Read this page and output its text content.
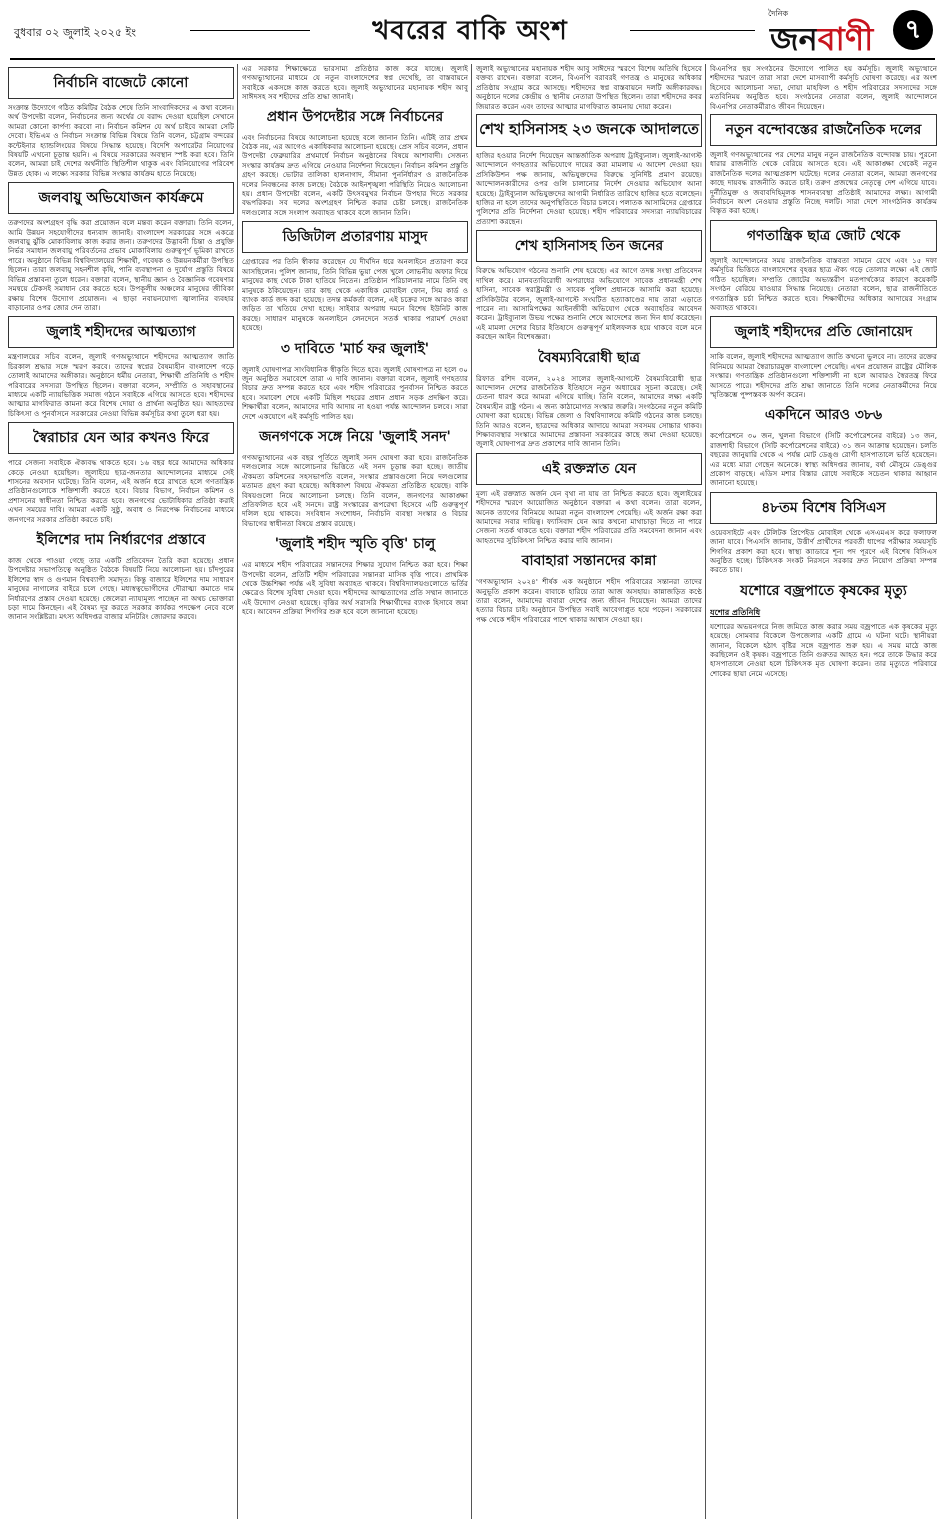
বুধবার ০২ জুলাই ২০২৫ ইং	খবরের বাকি অংশ
দৈনিক
জনবাণী	৭
নির্বাচনি বাজেটে কোনো

সংক্রান্ত উদ্যোগে গঠিত কমিটির বৈঠক শেষে তিনি সাংবাদিকদের এ কথা বলেন। অর্থ উপদেষ্টা বলেন, নির্বাচনের জন্য অর্থের যে বরাদ্দ দেওয়া হয়েছিল সেখানে আমরা কোনো কার্পণ্য করবো না। নির্বাচন কমিশন যে অর্থ চাইবে আমরা সেটি দেবো। ইভিএম ও নির্বাচন সংক্রান্ত বিভিন্ন বিষয়ে তিনি বলেন, চট্টগ্রাম বন্দরের কন্টেইনার হ্যান্ডলিংয়ের বিষয়ে সিদ্ধান্ত হয়েছে। বিদেশি অপারেটর নিয়োগের বিষয়টি এখনো চূড়ান্ত হয়নি। এ বিষয়ে সরকারের অবস্থান স্পষ্ট করা হবে। তিনি বলেন, আমরা চাই দেশের অর্থনীতি স্থিতিশীল থাকুক এবং বিনিয়োগের পরিবেশ উন্নত হোক। এ লক্ষ্যে সরকার বিভিন্ন সংস্কার কার্যক্রম হাতে নিয়েছে।

জলবায়ু অভিযোজন কার্যক্রমে

তরুণদের অংশগ্রহণ বৃদ্ধি করা প্রয়োজন বলে মন্তব্য করেন বক্তারা। তিনি বলেন, আমি উন্নয়ন সহযোগীদের ধন্যবাদ জানাই। বাংলাদেশ সরকারের সঙ্গে একত্রে জলবায়ু ঝুঁকি মোকাবিলায় কাজ করার জন্য। তরুণদের উদ্ভাবনী চিন্তা ও প্রযুক্তি নির্ভর সমাধান জলবায়ু পরিবর্তনের প্রভাব মোকাবিলায় গুরুত্বপূর্ণ ভূমিকা রাখতে পারে। অনুষ্ঠানে বিভিন্ন বিশ্ববিদ্যালয়ের শিক্ষার্থী, গবেষক ও উন্নয়নকর্মীরা উপস্থিত ছিলেন। তারা জলবায়ু সহনশীল কৃষি, পানি ব্যবস্থাপনা ও দুর্যোগ প্রস্তুতি বিষয়ে বিভিন্ন প্রস্তাবনা তুলে ধরেন। বক্তারা বলেন, স্থানীয় জ্ঞান ও বৈজ্ঞানিক গবেষণার সমন্বয়ে টেকসই সমাধান বের করতে হবে। উপকূলীয় অঞ্চলের মানুষের জীবিকা রক্ষায় বিশেষ উদ্যোগ প্রয়োজন। এ ছাড়া নবায়নযোগ্য জ্বালানির ব্যবহার বাড়ানোর ওপর জোর দেন তারা।

জুলাই শহীদদের আত্মত্যাগ

মন্ত্রণালয়ের সচিব বলেন, জুলাই গণঅভ্যুত্থানে শহীদদের আত্মত্যাগ জাতি চিরকাল শ্রদ্ধার সঙ্গে স্মরণ করবে। তাদের স্বপ্নের বৈষম্যহীন বাংলাদেশ গড়ে তোলাই আমাদের অঙ্গীকার। অনুষ্ঠানে ধর্মীয় নেতারা, শিক্ষার্থী প্রতিনিধি ও শহীদ পরিবারের সদস্যরা উপস্থিত ছিলেন। বক্তারা বলেন, সম্প্রীতি ও সহাবস্থানের মাধ্যমে একটি ন্যায়ভিত্তিক সমাজ গঠনে সবাইকে এগিয়ে আসতে হবে। শহীদদের আত্মার মাগফিরাত কামনা করে বিশেষ দোয়া ও প্রার্থনা অনুষ্ঠিত হয়। আহতদের চিকিৎসা ও পুনর্বাসনে সরকারের নেওয়া বিভিন্ন কর্মসূচির কথা তুলে ধরা হয়।

স্বৈরাচার যেন আর কখনও ফিরে

পারে সেজন্য সবাইকে ঐক্যবদ্ধ থাকতে হবে। ১৬ বছর ধরে আমাদের অধিকার কেড়ে নেওয়া হয়েছিল। জুলাইয়ে ছাত্র-জনতার আন্দোলনের মাধ্যমে সেই শাসনের অবসান ঘটেছে। তিনি বলেন, এই অর্জন ধরে রাখতে হলে গণতান্ত্রিক প্রতিষ্ঠানগুলোকে শক্তিশালী করতে হবে। বিচার বিভাগ, নির্বাচন কমিশন ও প্রশাসনের স্বাধীনতা নিশ্চিত করতে হবে। জনগণের ভোটাধিকার প্রতিষ্ঠা করাই এখন সময়ের দাবি। আমরা একটি সুষ্ঠু, অবাধ ও নিরপেক্ষ নির্বাচনের মাধ্যমে জনগণের সরকার প্রতিষ্ঠা করতে চাই।

ইলিশের দাম নির্ধারণের প্রস্তাবে

কাজ থেকে পাওয়া গেছে তার একটি প্রতিবেদন তৈরি করা হয়েছে। প্রধান উপদেষ্টার সভাপতিত্বে অনুষ্ঠিত বৈঠকে বিষয়টি নিয়ে আলোচনা হয়। চাঁদপুরের ইলিশের স্বাদ ও গুণমান বিশ্বব্যাপী সমাদৃত। কিন্তু বাজারে ইলিশের দাম সাধারণ মানুষের নাগালের বাইরে চলে গেছে। মধ্যস্বত্বভোগীদের দৌরাত্ম্য কমাতে দাম নির্ধারণের প্রস্তাব দেওয়া হয়েছে। জেলেরা ন্যায্যমূল্য পাচ্ছেন না অথচ ভোক্তারা চড়া দামে কিনছেন। এই বৈষম্য দূর করতে সরকার কার্যকর পদক্ষেপ নেবে বলে জানান সংশ্লিষ্টরা। মৎস্য অধিদপ্তর বাজার মনিটরিং জোরদার করবে।

এর সরকার শিক্ষাক্ষেত্রে ভারসাম্য প্রতিষ্ঠার কাজ করে যাচ্ছে। জুলাই গণঅভ্যুত্থানের মাধ্যমে যে নতুন বাংলাদেশের স্বপ্ন দেখেছি, তা বাস্তবায়নে সবাইকে একসঙ্গে কাজ করতে হবে। জুলাই অভ্যুত্থানের মহানায়ক শহীদ আবু সাঈদসহ সব শহীদের প্রতি শ্রদ্ধা জানাই।

প্রধান উপদেষ্টার সঙ্গে নির্বাচনের

এবং নির্বাচনের বিষয়ে আলোচনা হয়েছে বলে জানান তিনি। এটিই তার প্রথম বৈঠক নয়, এর আগেও একাধিকবার আলোচনা হয়েছে। প্রেস সচিব বলেন, প্রধান উপদেষ্টা ফেব্রুয়ারির প্রথমার্ধে নির্বাচন অনুষ্ঠানের বিষয়ে আশাবাদী। সেজন্য সংস্কার কার্যক্রম দ্রুত এগিয়ে নেওয়ার নির্দেশনা দিয়েছেন। নির্বাচন কমিশন প্রস্তুতি গ্রহণ করছে। ভোটার তালিকা হালনাগাদ, সীমানা পুনর্নির্ধারণ ও রাজনৈতিক দলের নিবন্ধনের কাজ চলছে। বৈঠকে আইনশৃঙ্খলা পরিস্থিতি নিয়েও আলোচনা হয়। প্রধান উপদেষ্টা বলেন, একটি উৎসবমুখর নির্বাচন উপহার দিতে সরকার বদ্ধপরিকর। সব দলের অংশগ্রহণ নিশ্চিত করার চেষ্টা চলছে। রাজনৈতিক দলগুলোর সঙ্গে সংলাপ অব্যাহত থাকবে বলে জানান তিনি।

ডিজিটাল প্রতারণায় মাসুদ

গ্রেপ্তারের পর তিনি স্বীকার করেছেন যে দীর্ঘদিন ধরে অনলাইনে প্রতারণা করে আসছিলেন। পুলিশ জানায়, তিনি বিভিন্ন ভুয়া পেজ খুলে লোভনীয় অফার দিয়ে মানুষের কাছ থেকে টাকা হাতিয়ে নিতেন। প্রতিষ্ঠান পরিচালনার নামে তিনি বহু মানুষকে ঠকিয়েছেন। তার কাছ থেকে একাধিক মোবাইল ফোন, সিম কার্ড ও ব্যাংক কার্ড জব্দ করা হয়েছে। তদন্ত কর্মকর্তা বলেন, এই চক্রের সঙ্গে আরও কারা জড়িত তা খতিয়ে দেখা হচ্ছে। সাইবার অপরাধ দমনে বিশেষ ইউনিট কাজ করছে। সাধারণ মানুষকে অনলাইনে লেনদেনে সতর্ক থাকার পরামর্শ দেওয়া হয়েছে।

৩ দাবিতে 'মার্চ ফর জুলাই'

জুলাই ঘোষণাপত্র সাংবিধানিক স্বীকৃতি দিতে হবে। জুলাই ঘোষণাপত্র না হলে ৩০ জুন অনুষ্ঠিত সমাবেশে তারা এ দাবি জানান। বক্তারা বলেন, জুলাই গণহত্যার বিচার দ্রুত সম্পন্ন করতে হবে এবং শহীদ পরিবারের পুনর্বাসন নিশ্চিত করতে হবে। সমাবেশ শেষে একটি মিছিল শহরের প্রধান প্রধান সড়ক প্রদক্ষিণ করে। শিক্ষার্থীরা বলেন, আমাদের দাবি আদায় না হওয়া পর্যন্ত আন্দোলন চলবে। সারা দেশে একযোগে এই কর্মসূচি পালিত হয়।

জনগণকে সঙ্গে নিয়ে 'জুলাই সনদ'

গণঅভ্যুত্থানের এক বছর পূর্তিতে জুলাই সনদ ঘোষণা করা হবে। রাজনৈতিক দলগুলোর সঙ্গে আলোচনার ভিত্তিতে এই সনদ চূড়ান্ত করা হচ্ছে। জাতীয় ঐকমত্য কমিশনের সহসভাপতি বলেন, সংস্কার প্রস্তাবগুলো নিয়ে দলগুলোর মতামত গ্রহণ করা হয়েছে। অধিকাংশ বিষয়ে ঐকমত্য প্রতিষ্ঠিত হয়েছে। বাকি বিষয়গুলো নিয়ে আলোচনা চলছে। তিনি বলেন, জনগণের আকাঙ্ক্ষা প্রতিফলিত হবে এই সনদে। রাষ্ট্র সংস্কারের রূপরেখা হিসেবে এটি গুরুত্বপূর্ণ দলিল হয়ে থাকবে। সংবিধান সংশোধন, নির্বাচনি ব্যবস্থা সংস্কার ও বিচার বিভাগের স্বাধীনতা বিষয়ে প্রস্তাব রয়েছে।

'জুলাই শহীদ স্মৃতি বৃত্তি' চালু

এর মাধ্যমে শহীদ পরিবারের সন্তানদের শিক্ষার সুযোগ নিশ্চিত করা হবে। শিক্ষা উপদেষ্টা বলেন, প্রতিটি শহীদ পরিবারের সন্তানরা মাসিক বৃত্তি পাবে। প্রাথমিক থেকে উচ্চশিক্ষা পর্যন্ত এই সুবিধা অব্যাহত থাকবে। বিশ্ববিদ্যালয়গুলোতে ভর্তির ক্ষেত্রেও বিশেষ সুবিধা দেওয়া হবে। শহীদদের আত্মত্যাগের প্রতি সম্মান জানাতে এই উদ্যোগ নেওয়া হয়েছে। বৃত্তির অর্থ সরাসরি শিক্ষার্থীদের ব্যাংক হিসাবে জমা হবে। আবেদন প্রক্রিয়া শিগগির শুরু হবে বলে জানানো হয়েছে।

জুলাই অভ্যুত্থানের মহানায়ক শহীদ আবু সাঈদের স্মরণে বিশেষ অতিথি হিসেবে বক্তব্য রাখেন। বক্তারা বলেন, বিএনপি বরাবরই গণতন্ত্র ও মানুষের অধিকার প্রতিষ্ঠায় সংগ্রাম করে আসছে। শহীদদের স্বপ্ন বাস্তবায়নে দলটি অঙ্গীকারবদ্ধ। অনুষ্ঠানে দলের কেন্দ্রীয় ও স্থানীয় নেতারা উপস্থিত ছিলেন। তারা শহীদদের কবর জিয়ারত করেন এবং তাদের আত্মার মাগফিরাত কামনায় দোয়া করেন।

শেখ হাসিনাসহ ২৩ জনকে আদালতে

হাজির হওয়ার নির্দেশ দিয়েছেন আন্তর্জাতিক অপরাধ ট্রাইব্যুনাল। জুলাই-আগস্ট আন্দোলনে গণহত্যার অভিযোগে দায়ের করা মামলায় এ আদেশ দেওয়া হয়। প্রসিকিউশন পক্ষ জানায়, অভিযুক্তদের বিরুদ্ধে সুনির্দিষ্ট প্রমাণ রয়েছে। আন্দোলনকারীদের ওপর গুলি চালানোর নির্দেশ দেওয়ার অভিযোগ আনা হয়েছে। ট্রাইব্যুনাল অভিযুক্তদের আগামী নির্ধারিত তারিখে হাজির হতে বলেছেন। হাজির না হলে তাদের অনুপস্থিতিতে বিচার চলবে। পলাতক আসামিদের গ্রেপ্তারে পুলিশের প্রতি নির্দেশনা দেওয়া হয়েছে। শহীদ পরিবারের সদস্যরা ন্যায়বিচারের প্রত্যাশা করছেন।

শেখ হাসিনাসহ তিন জনের

বিরুদ্ধে অভিযোগ গঠনের শুনানি শেষ হয়েছে। এর আগে তদন্ত সংস্থা প্রতিবেদন দাখিল করে। মানবতাবিরোধী অপরাধের অভিযোগে সাবেক প্রধানমন্ত্রী শেখ হাসিনা, সাবেক স্বরাষ্ট্রমন্ত্রী ও সাবেক পুলিশ প্রধানকে আসামি করা হয়েছে। প্রসিকিউটর বলেন, জুলাই-আগস্টে সংঘটিত হত্যাকাণ্ডের দায় তারা এড়াতে পারেন না। আসামিপক্ষের আইনজীবী অভিযোগ থেকে অব্যাহতির আবেদন করেন। ট্রাইব্যুনাল উভয় পক্ষের শুনানি শেষে আদেশের জন্য দিন ধার্য করেছেন। এই মামলা দেশের বিচার ইতিহাসে গুরুত্বপূর্ণ মাইলফলক হয়ে থাকবে বলে মনে করছেন আইন বিশেষজ্ঞরা।

বৈষম্যবিরোধী ছাত্র

রিফাত রশিদ বলেন, ২০২৪ সালের জুলাই-আগস্টে বৈষম্যবিরোধী ছাত্র আন্দোলন দেশের রাজনৈতিক ইতিহাসে নতুন অধ্যায়ের সূচনা করেছে। সেই চেতনা ধারণ করে আমরা এগিয়ে যাচ্ছি। তিনি বলেন, আমাদের লক্ষ্য একটি বৈষম্যহীন রাষ্ট্র গঠন। এ জন্য কাঠামোগত সংস্কার জরুরি। সংগঠনের নতুন কমিটি ঘোষণা করা হয়েছে। বিভিন্ন জেলা ও বিশ্ববিদ্যালয়ে কমিটি গঠনের কাজ চলছে। তিনি আরও বলেন, ছাত্রদের অধিকার আদায়ে আমরা সবসময় সোচ্চার থাকব। শিক্ষাব্যবস্থার সংস্কারে আমাদের প্রস্তাবনা সরকারের কাছে জমা দেওয়া হয়েছে। জুলাই ঘোষণাপত্র দ্রুত প্রকাশের দাবি জানান তিনি।

এই রক্তস্নাত যেন

মূল্য এই রক্তস্নাত অর্জন যেন বৃথা না যায় তা নিশ্চিত করতে হবে। জুলাইয়ের শহীদদের স্মরণে আয়োজিত অনুষ্ঠানে বক্তারা এ কথা বলেন। তারা বলেন, অনেক ত্যাগের বিনিময়ে আমরা নতুন বাংলাদেশ পেয়েছি। এই অর্জন রক্ষা করা আমাদের সবার দায়িত্ব। ফ্যাসিবাদ যেন আর কখনো মাথাচাড়া দিতে না পারে সেজন্য সতর্ক থাকতে হবে। বক্তারা শহীদ পরিবারের প্রতি সমবেদনা জানান এবং আহতদের সুচিকিৎসা নিশ্চিত করার দাবি জানান।

বাবাহারা সন্তানদের কান্না

'গণঅভ্যুত্থান ২০২৪' শীর্ষক এক অনুষ্ঠানে শহীদ পরিবারের সন্তানরা তাদের অনুভূতি প্রকাশ করেন। বাবাকে হারিয়ে তারা আজ অসহায়। কান্নাজড়িত কণ্ঠে তারা বলেন, আমাদের বাবারা দেশের জন্য জীবন দিয়েছেন। আমরা তাদের হত্যার বিচার চাই। অনুষ্ঠানে উপস্থিত সবাই আবেগাপ্লুত হয়ে পড়েন। সরকারের পক্ষ থেকে শহীদ পরিবারের পাশে থাকার আশ্বাস দেওয়া হয়।

বিএনপির ছয় সংগঠনের উদ্যোগে পালিত হয় কর্মসূচি। জুলাই অভ্যুত্থানে শহীদদের স্মরণে তারা সারা দেশে মাসব্যাপী কর্মসূচি ঘোষণা করেছে। এর অংশ হিসেবে আলোচনা সভা, দোয়া মাহফিল ও শহীদ পরিবারের সদস্যদের সঙ্গে মতবিনিময় অনুষ্ঠিত হবে। সংগঠনের নেতারা বলেন, জুলাই আন্দোলনে বিএনপির নেতাকর্মীরাও জীবন দিয়েছেন।

নতুন বন্দোবস্তের রাজনৈতিক দলের

জুলাই গণঅভ্যুত্থানের পর দেশের মানুষ নতুন রাজনৈতিক বন্দোবস্ত চায়। পুরনো ধারার রাজনীতি থেকে বেরিয়ে আসতে হবে। এই আকাঙ্ক্ষা থেকেই নতুন রাজনৈতিক দলের আত্মপ্রকাশ ঘটেছে। দলের নেতারা বলেন, আমরা জনগণের কাছে দায়বদ্ধ রাজনীতি করতে চাই। তরুণ প্রজন্মের নেতৃত্বে দেশ এগিয়ে যাবে। দুর্নীতিমুক্ত ও জবাবদিহিমূলক শাসনব্যবস্থা প্রতিষ্ঠাই আমাদের লক্ষ্য। আগামী নির্বাচনে অংশ নেওয়ার প্রস্তুতি নিচ্ছে দলটি। সারা দেশে সাংগঠনিক কার্যক্রম বিস্তৃত করা হচ্ছে।

গণতান্ত্রিক ছাত্র জোট থেকে

জুলাই আন্দোলনের সময় রাজনৈতিক বাস্তবতা সামনে রেখে এবং ১৫ দফা কর্মসূচির ভিত্তিতে বাংলাদেশের বৃহত্তর ছাত্র ঐক্য গড়ে তোলার লক্ষ্যে এই জোট গঠিত হয়েছিল। সম্প্রতি জোটের অভ্যন্তরীণ মতপার্থক্যের কারণে কয়েকটি সংগঠন বেরিয়ে যাওয়ার সিদ্ধান্ত নিয়েছে। নেতারা বলেন, ছাত্র রাজনীতিতে গণতান্ত্রিক চর্চা নিশ্চিত করতে হবে। শিক্ষার্থীদের অধিকার আদায়ের সংগ্রাম অব্যাহত থাকবে।

জুলাই শহীদদের প্রতি জোনায়েদ

সাকি বলেন, জুলাই শহীদদের আত্মত্যাগ জাতি কখনো ভুলবে না। তাদের রক্তের বিনিময়ে আমরা স্বৈরাচারমুক্ত বাংলাদেশ পেয়েছি। এখন প্রয়োজন রাষ্ট্রের মৌলিক সংস্কার। গণতান্ত্রিক প্রতিষ্ঠানগুলো শক্তিশালী না হলে আবারও স্বৈরতন্ত্র ফিরে আসতে পারে। শহীদদের প্রতি শ্রদ্ধা জানাতে তিনি দলের নেতাকর্মীদের নিয়ে স্মৃতিস্তম্ভে পুষ্পস্তবক অর্পণ করেন।

একদিনে আরও ৩৮৬

কর্পোরেশনে ৩০ জন, খুলনা বিভাগে (সিটি কর্পোরেশনের বাইরে) ১৩ জন, রাজশাহী বিভাগে (সিটি কর্পোরেশনের বাইরে) ৩১ জন আক্রান্ত হয়েছেন। চলতি বছরের জানুয়ারি থেকে এ পর্যন্ত মোট ডেঙ্গু রোগী হাসপাতালে ভর্তি হয়েছেন। এর মধ্যে মারা গেছেন অনেকে। স্বাস্থ্য অধিদপ্তর জানায়, বর্ষা মৌসুমে ডেঙ্গুর প্রকোপ বাড়ছে। এডিস মশার বিস্তার রোধে সবাইকে সচেতন থাকার আহ্বান জানানো হয়েছে।

৪৮তম বিশেষ বিসিএস

ওয়েবসাইটে এবং টেলিটক প্রিপেইড মোবাইল থেকে এসএমএস করে ফলাফল জানা যাবে। পিএসসি জানায়, উত্তীর্ণ প্রার্থীদের পরবর্তী ধাপের পরীক্ষার সময়সূচি শিগগির প্রকাশ করা হবে। স্বাস্থ্য ক্যাডারে শূন্য পদ পূরণে এই বিশেষ বিসিএস অনুষ্ঠিত হচ্ছে। চিকিৎসক সংকট নিরসনে সরকার দ্রুত নিয়োগ প্রক্রিয়া সম্পন্ন করতে চায়।

যশোরে বজ্রপাতে কৃষকের মৃত্যু
যশোর প্রতিনিধি

যশোরের অভয়নগরে নিজ জমিতে কাজ করার সময় বজ্রপাতে এক কৃষকের মৃত্যু হয়েছে। সোমবার বিকেলে উপজেলার একটি গ্রামে এ ঘটনা ঘটে। স্থানীয়রা জানান, বিকেলে হঠাৎ বৃষ্টির সঙ্গে বজ্রপাত শুরু হয়। এ সময় মাঠে কাজ করছিলেন ওই কৃষক। বজ্রপাতে তিনি গুরুতর আহত হন। পরে তাকে উদ্ধার করে হাসপাতালে নেওয়া হলে চিকিৎসক মৃত ঘোষণা করেন। তার মৃত্যুতে পরিবারে শোকের ছায়া নেমে এসেছে।
